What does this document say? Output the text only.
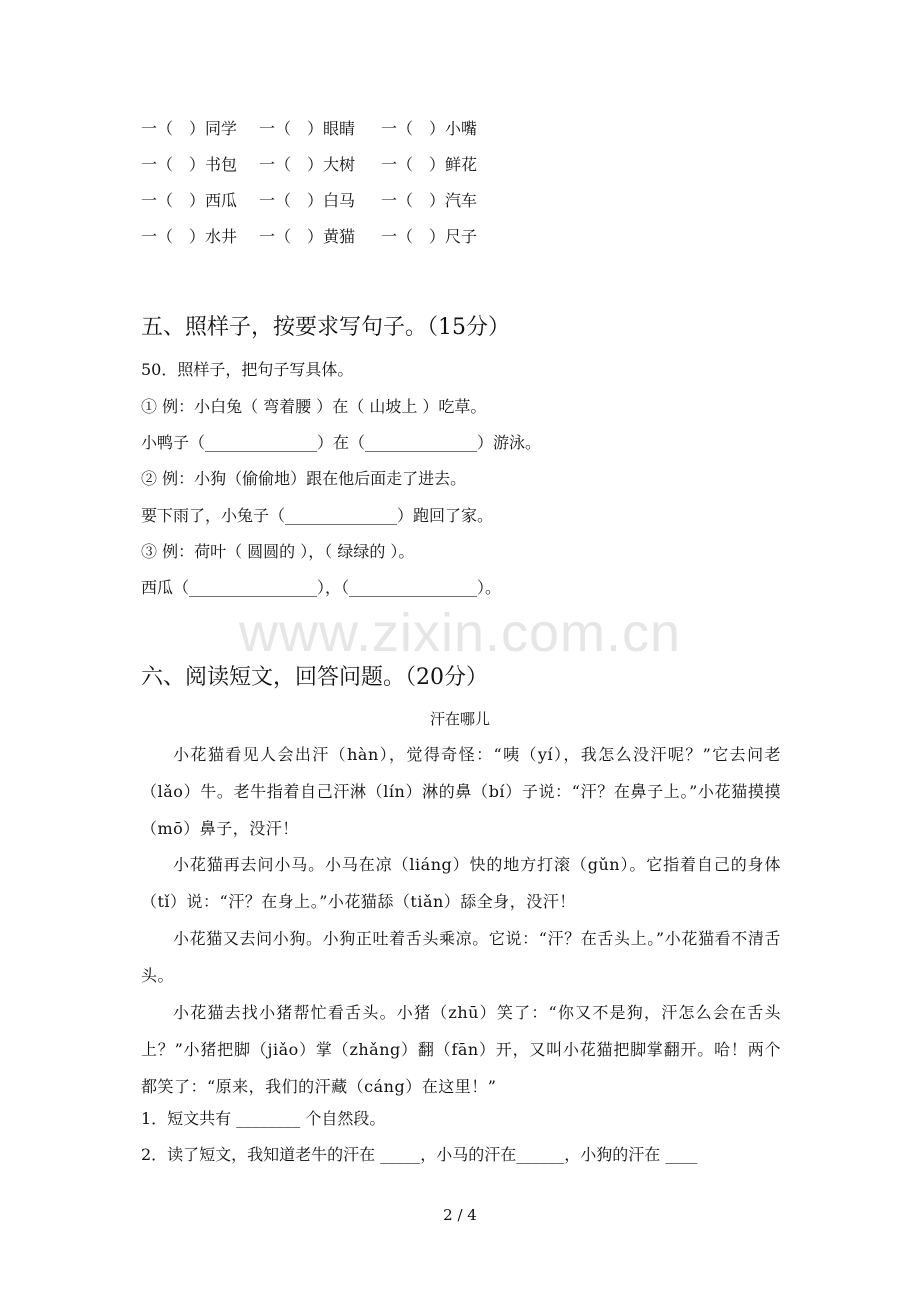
一（　）同学 一（　）眼睛 一（　）小嘴
一（　）书包 一（　）大树 一（　）鲜花
一（　）西瓜 一（　）白马 一（　）汽车
一（　）水井 一（　）黄猫 一（　）尺子
五、照样子，按要求写句子。（15分）
50．照样子，把句子写具体。
① 例：小白兔（ 弯着腰 ）在（ 山坡上 ）吃草。
小鸭子（______________）在（______________）游泳。
② 例：小狗（偷偷地）跟在他后面走了进去。
要下雨了，小兔子（______________）跑回了家。
③ 例：荷叶（ 圆圆的 ），（ 绿绿的 ）。
西瓜（________________），（________________）。
www.zixin.com.cn
六、阅读短文，回答问题。（20分）
汗在哪儿
小花猫看见人会出汗（hàn），觉得奇怪：“咦（yí），我怎么没汗呢？”它去问老（lǎo）牛。老牛指着自己汗淋（lín）淋的鼻（bí）子说：“汗？在鼻子上。”小花猫摸摸（mō）鼻子，没汗！
小花猫再去问小马。小马在凉（liáng）快的地方打滚（gǔn）。它指着自己的身体（tǐ）说：“汗？在身上。”小花猫舔（tiǎn）舔全身，没汗！
小花猫又去问小狗。小狗正吐着舌头乘凉。它说：“汗？在舌头上。”小花猫看不清舌头。
小花猫去找小猪帮忙看舌头。小猪（zhū）笑了：“你又不是狗，汗怎么会在舌头上？”小猪把脚（jiǎo）掌（zhǎng）翻（fān）开，又叫小花猫把脚掌翻开。哈！两个都笑了：“原来，我们的汗藏（cáng）在这里！”
1．短文共有 ________ 个自然段。
2．读了短文，我知道老牛的汗在 _____，小马的汗在______，小狗的汗在 ____
2 / 4
